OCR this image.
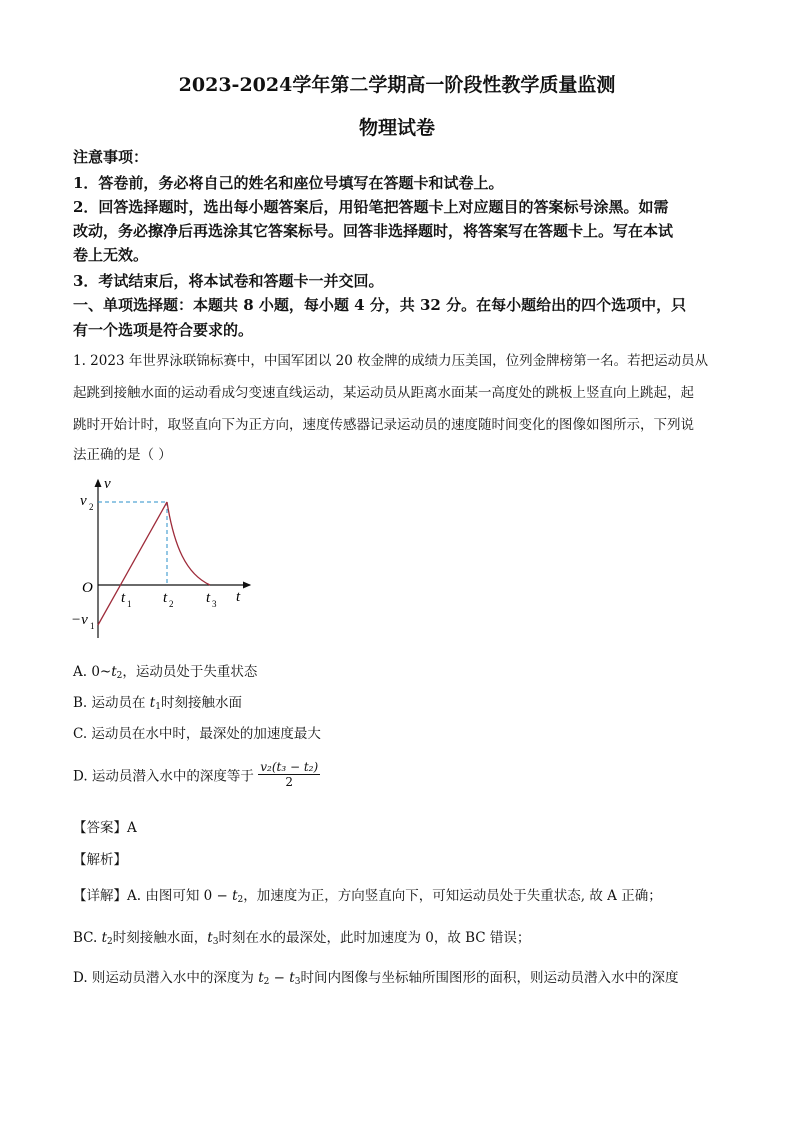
2023-2024学年第二学期高一阶段性教学质量监测
物理试卷
注意事项：
1．答卷前，务必将自己的姓名和座位号填写在答题卡和试卷上。
2．回答选择题时，选出每小题答案后，用铅笔把答题卡上对应题目的答案标号涂黑。如需
改动，务必擦净后再选涂其它答案标号。回答非选择题时，将答案写在答题卡上。写在本试
卷上无效。
3．考试结束后，将本试卷和答题卡一并交回。
一、单项选择题：本题共 8 小题，每小题 4 分，共 32 分。在每小题给出的四个选项中，只
有一个选项是符合要求的。
1. 2023 年世界泳联锦标赛中，中国军团以 20 枚金牌的成绩力压美国，位列金牌榜第一名。若把运动员从
起跳到接触水面的运动看成匀变速直线运动，某运动员从距离水面某一高度处的跳板上竖直向上跳起，起
跳时开始计时，取竖直向下为正方向，速度传感器记录运动员的速度随时间变化的图像如图所示，下列说
法正确的是（ ）
v
t
O
v 2
−v 1
t 1 t 2 t 3
A. $0\sim t_2$，运动员处于失重状态
B. 运动员在 $t_1$时刻接触水面
C. 运动员在水中时，最深处的加速度最大
D. 运动员潜入水中的深度等于 $\frac{\text{v₂(t₃ − t₂)}}{2}$
【答案】A
【解析】
【详解】A. 由图可知 $0 - t_2$，加速度为正，方向竖直向下，可知运动员处于失重状态, 故 A 正确；
BC. $t_2$时刻接触水面，$t_3$时刻在水的最深处，此时加速度为 0，故 BC 错误；
D. 则运动员潜入水中的深度为 $t_2 - t_3$时间内图像与坐标轴所围图形的面积，则运动员潜入水中的深度
